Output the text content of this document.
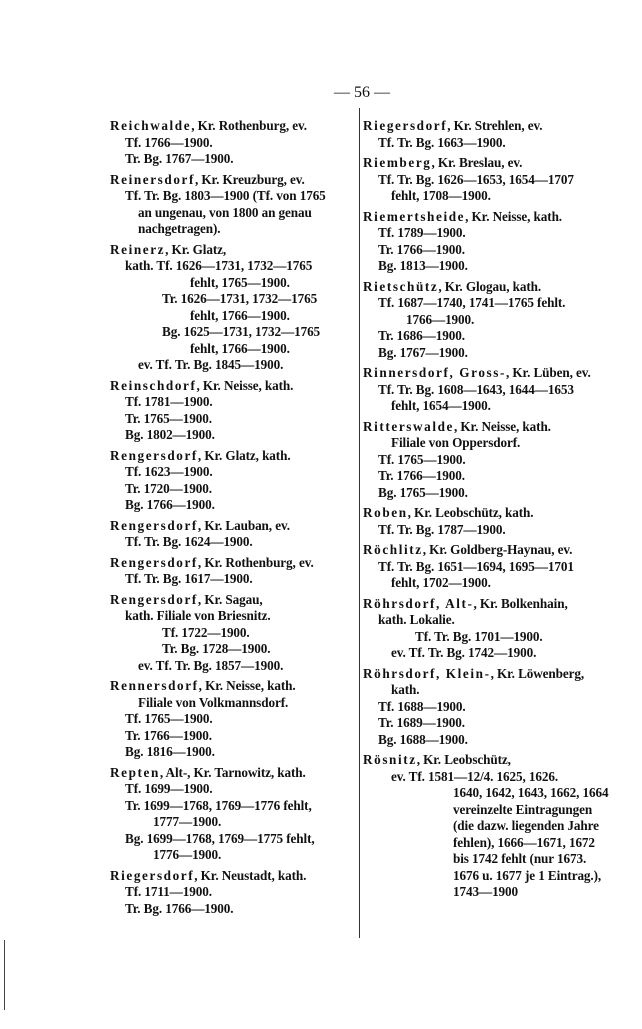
— 56 —
Reichwalde, Kr. Rothenburg, ev.
Tf. 1766—1900.
Tr. Bg. 1767—1900.
Reinersdorf, Kr. Kreuzburg, ev.
Tf. Tr. Bg. 1803—1900 (Tf. von 1765
an ungenau, von 1800 an genau
nachgetragen).
Reinerz, Kr. Glatz,
kath. Tf. 1626—1731, 1732—1765
fehlt, 1765—1900.
Tr. 1626—1731, 1732—1765
fehlt, 1766—1900.
Bg. 1625—1731, 1732—1765
fehlt, 1766—1900.
ev. Tf. Tr. Bg. 1845—1900.
Reinschdorf, Kr. Neisse, kath.
Tf. 1781—1900.
Tr. 1765—1900.
Bg. 1802—1900.
Rengersdorf, Kr. Glatz, kath.
Tf. 1623—1900.
Tr. 1720—1900.
Bg. 1766—1900.
Rengersdorf, Kr. Lauban, ev.
Tf. Tr. Bg. 1624—1900.
Rengersdorf, Kr. Rothenburg, ev.
Tf. Tr. Bg. 1617—1900.
Rengersdorf, Kr. Sagau,
kath. Filiale von Briesnitz.
Tf. 1722—1900.
Tr. Bg. 1728—1900.
ev. Tf. Tr. Bg. 1857—1900.
Rennersdorf, Kr. Neisse, kath.
Filiale von Volkmannsdorf.
Tf. 1765—1900.
Tr. 1766—1900.
Bg. 1816—1900.
Repten, Alt-, Kr. Tarnowitz, kath.
Tf. 1699—1900.
Tr. 1699—1768, 1769—1776 fehlt,
1777—1900.
Bg. 1699—1768, 1769—1775 fehlt,
1776—1900.
Riegersdorf, Kr. Neustadt, kath.
Tf. 1711—1900.
Tr. Bg. 1766—1900.
Riegersdorf, Kr. Strehlen, ev.
Tf. Tr. Bg. 1663—1900.
Riemberg, Kr. Breslau, ev.
Tf. Tr. Bg. 1626—1653, 1654—1707
fehlt, 1708—1900.
Riemertsheide, Kr. Neisse, kath.
Tf. 1789—1900.
Tr. 1766—1900.
Bg. 1813—1900.
Rietschütz, Kr. Glogau, kath.
Tf. 1687—1740, 1741—1765 fehlt.
1766—1900.
Tr. 1686—1900.
Bg. 1767—1900.
Rinnersdorf, Gross-, Kr. Lüben, ev.
Tf. Tr. Bg. 1608—1643, 1644—1653
fehlt, 1654—1900.
Ritterswalde, Kr. Neisse, kath.
Filiale von Oppersdorf.
Tf. 1765—1900.
Tr. 1766—1900.
Bg. 1765—1900.
Roben, Kr. Leobschütz, kath.
Tf. Tr. Bg. 1787—1900.
Röchlitz, Kr. Goldberg-Haynau, ev.
Tf. Tr. Bg. 1651—1694, 1695—1701
fehlt, 1702—1900.
Röhrsdorf, Alt-, Kr. Bolkenhain,
kath. Lokalie.
Tf. Tr. Bg. 1701—1900.
ev. Tf. Tr. Bg. 1742—1900.
Röhrsdorf, Klein-, Kr. Löwenberg,
kath.
Tf. 1688—1900.
Tr. 1689—1900.
Bg. 1688—1900.
Rösnitz, Kr. Leobschütz,
ev. Tf. 1581—12/4. 1625, 1626.
1640, 1642, 1643, 1662, 1664
vereinzelte Eintragungen
(die dazw. liegenden Jahre
fehlen), 1666—1671, 1672
bis 1742 fehlt (nur 1673.
1676 u. 1677 je 1 Eintrag.),
1743—1900
